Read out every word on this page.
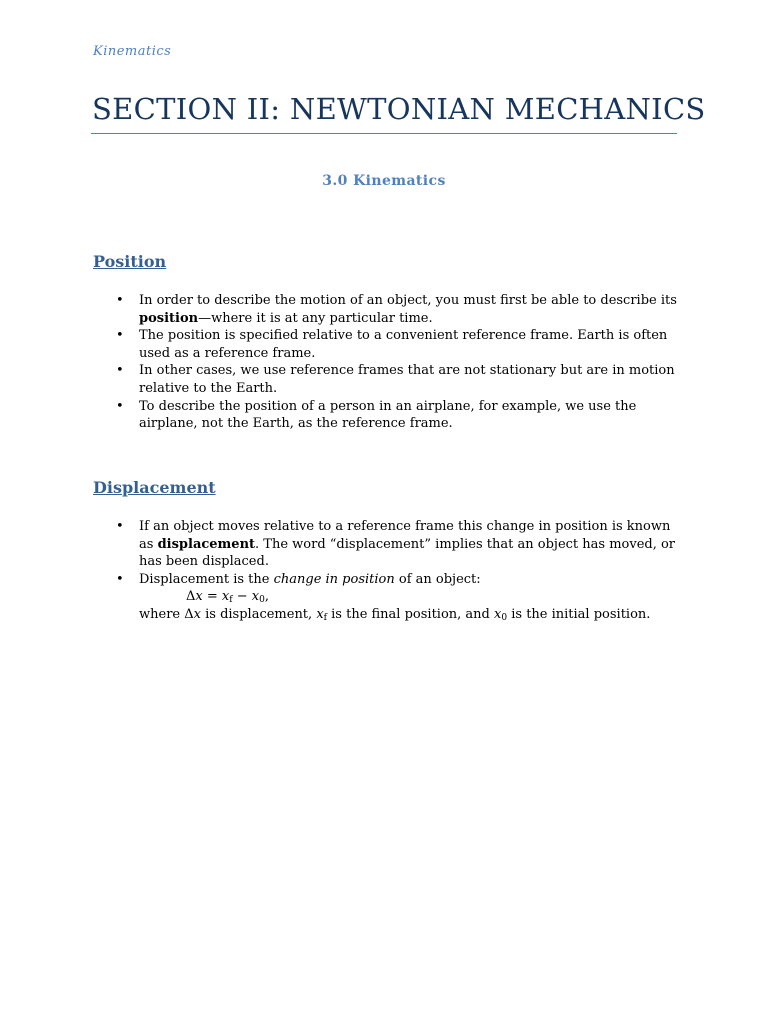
Kinematics
SECTION II: NEWTONIAN MECHANICS
3.0 Kinematics
Position
• In order to describe the motion of an object, you must first be able to describe its position—where it is at any particular time.
• The position is specified relative to a convenient reference frame. Earth is often used as a reference frame.
• In other cases, we use reference frames that are not stationary but are in motion relative to the Earth.
• To describe the position of a person in an airplane, for example, we use the airplane, not the Earth, as the reference frame.
Displacement
• If an object moves relative to a reference frame this change in position is known as displacement. The word “displacement” implies that an object has moved, or has been displaced.
• Displacement is the change in position of an object:
$\Delta x = x_f - x_0$,
where Δx is displacement, $x_f$ is the final position, and $x_0$ is the initial position.
